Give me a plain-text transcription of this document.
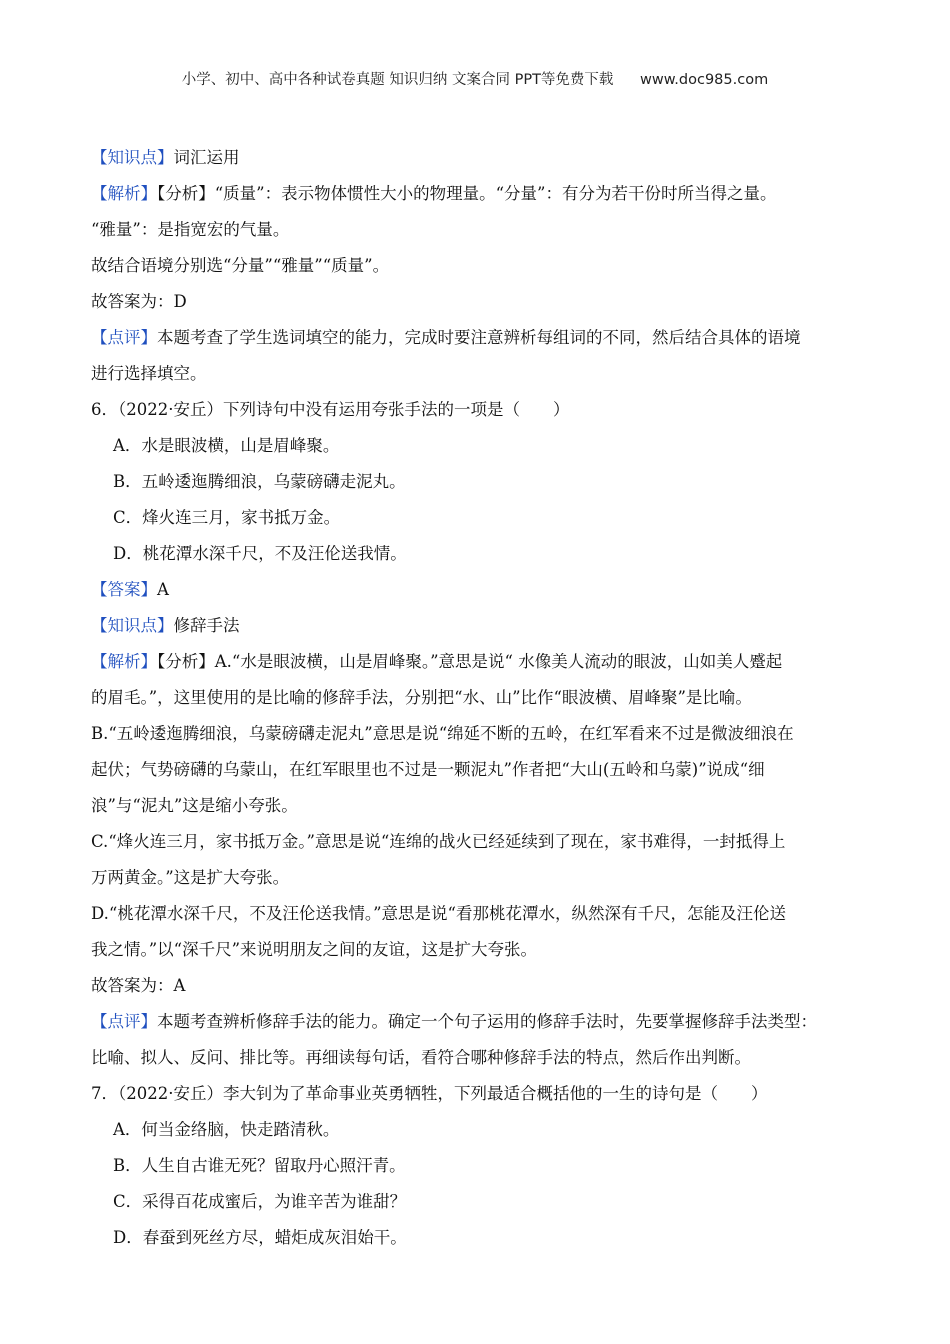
小学、初中、高中各种试卷真题 知识归纳 文案合同 PPT等免费下载 www.doc985.com
【知识点】词汇运用
【解析】【分析】“质量”：表示物体惯性大小的物理量。“分量”：有分为若干份时所当得之量。
“雅量”：是指宽宏的气量。
故结合语境分别选“分量”“雅量”“质量”。
故答案为：D
【点评】本题考查了学生选词填空的能力，完成时要注意辨析每组词的不同，然后结合具体的语境
进行选择填空。
6．（2022·安丘）下列诗句中没有运用夸张手法的一项是（　　）
A．水是眼波横，山是眉峰聚。
B．五岭逶迤腾细浪，乌蒙磅礴走泥丸。
C．烽火连三月，家书抵万金。
D．桃花潭水深千尺，不及汪伦送我情。
【答案】A
【知识点】修辞手法
【解析】【分析】A.“水是眼波横，山是眉峰聚。”意思是说“ 水像美人流动的眼波，山如美人蹙起
的眉毛。”，这里使用的是比喻的修辞手法，分别把“水、山”比作“眼波横、眉峰聚”是比喻。
B.“五岭逶迤腾细浪，乌蒙磅礴走泥丸”意思是说“绵延不断的五岭，在红军看来不过是微波细浪在
起伏；气势磅礴的乌蒙山，在红军眼里也不过是一颗泥丸”作者把“大山(五岭和乌蒙)”说成“细
浪”与“泥丸”这是缩小夸张。
C.“烽火连三月，家书抵万金。”意思是说“连绵的战火已经延续到了现在，家书难得，一封抵得上
万两黄金。”这是扩大夸张。
D.“桃花潭水深千尺，不及汪伦送我情。”意思是说“看那桃花潭水，纵然深有千尺，怎能及汪伦送
我之情。”以“深千尺”来说明朋友之间的友谊，这是扩大夸张。
故答案为：A
【点评】本题考查辨析修辞手法的能力。确定一个句子运用的修辞手法时，先要掌握修辞手法类型：
比喻、拟人、反问、排比等。再细读每句话，看符合哪种修辞手法的特点，然后作出判断。
7．（2022·安丘）李大钊为了革命事业英勇牺牲，下列最适合概括他的一生的诗句是（　　）
A．何当金络脑，快走踏清秋。
B．人生自古谁无死？留取丹心照汗青。
C．采得百花成蜜后，为谁辛苦为谁甜？
D．春蚕到死丝方尽，蜡炬成灰泪始干。
